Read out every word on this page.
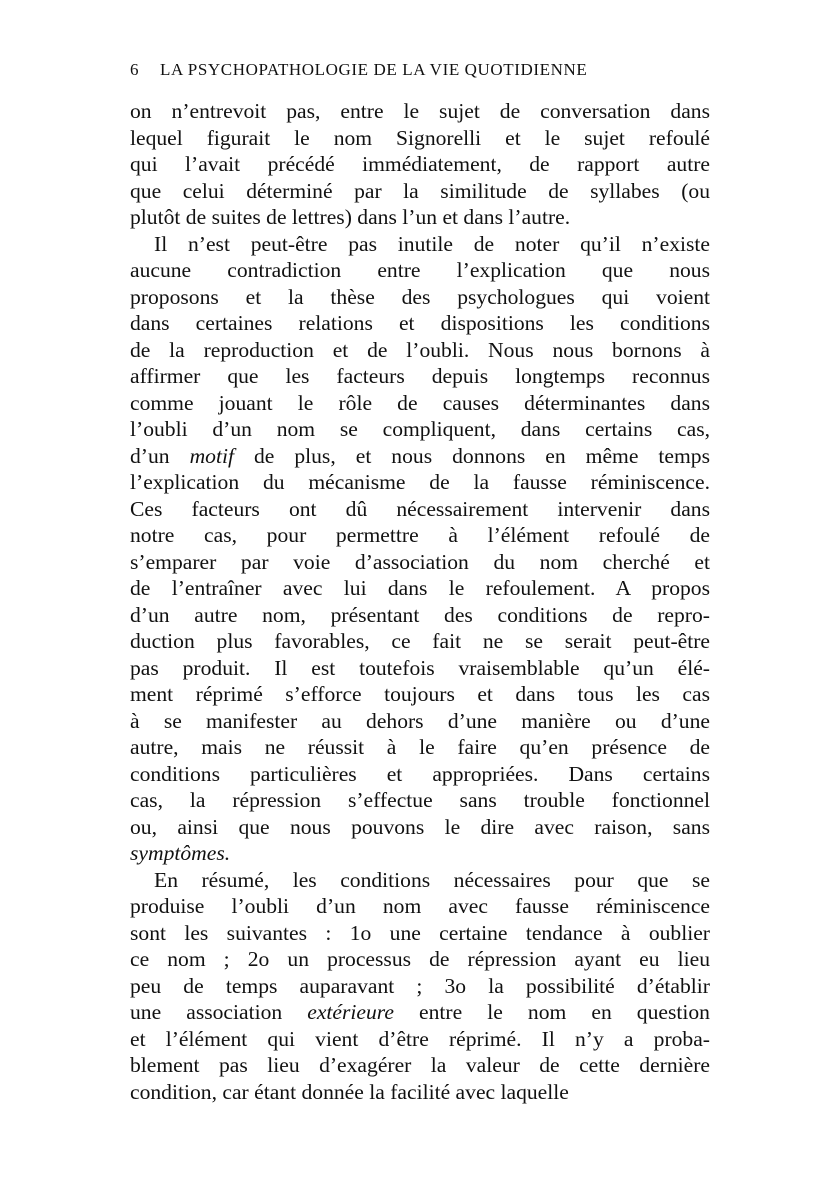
6 LA PSYCHOPATHOLOGIE DE LA VIE QUOTIDIENNE
on n’entrevoit pas, entre le sujet de conversation dans
lequel figurait le nom Signorelli et le sujet refoulé
qui l’avait précédé immédiatement, de rapport autre
que celui déterminé par la similitude de syllabes (ou
plutôt de suites de lettres) dans l’un et dans l’autre.
Il n’est peut-être pas inutile de noter qu’il n’existe
aucune contradiction entre l’explication que nous
proposons et la thèse des psychologues qui voient
dans certaines relations et dispositions les conditions
de la reproduction et de l’oubli. Nous nous bornons à
affirmer que les facteurs depuis longtemps reconnus
comme jouant le rôle de causes déterminantes dans
l’oubli d’un nom se compliquent, dans certains cas,
d’un motif de plus, et nous donnons en même temps
l’explication du mécanisme de la fausse réminiscence.
Ces facteurs ont dû nécessairement intervenir dans
notre cas, pour permettre à l’élément refoulé de
s’emparer par voie d’association du nom cherché et
de l’entraîner avec lui dans le refoulement. A propos
d’un autre nom, présentant des conditions de repro-
duction plus favorables, ce fait ne se serait peut-être
pas produit. Il est toutefois vraisemblable qu’un élé-
ment réprimé s’efforce toujours et dans tous les cas
à se manifester au dehors d’une manière ou d’une
autre, mais ne réussit à le faire qu’en présence de
conditions particulières et appropriées. Dans certains
cas, la répression s’effectue sans trouble fonctionnel
ou, ainsi que nous pouvons le dire avec raison, sans
symptômes.
En résumé, les conditions nécessaires pour que se
produise l’oubli d’un nom avec fausse réminiscence
sont les suivantes : 1o une certaine tendance à oublier
ce nom ; 2o un processus de répression ayant eu lieu
peu de temps auparavant ; 3o la possibilité d’établir
une association extérieure entre le nom en question
et l’élément qui vient d’être réprimé. Il n’y a proba-
blement pas lieu d’exagérer la valeur de cette dernière
condition, car étant donnée la facilité avec laquelle
